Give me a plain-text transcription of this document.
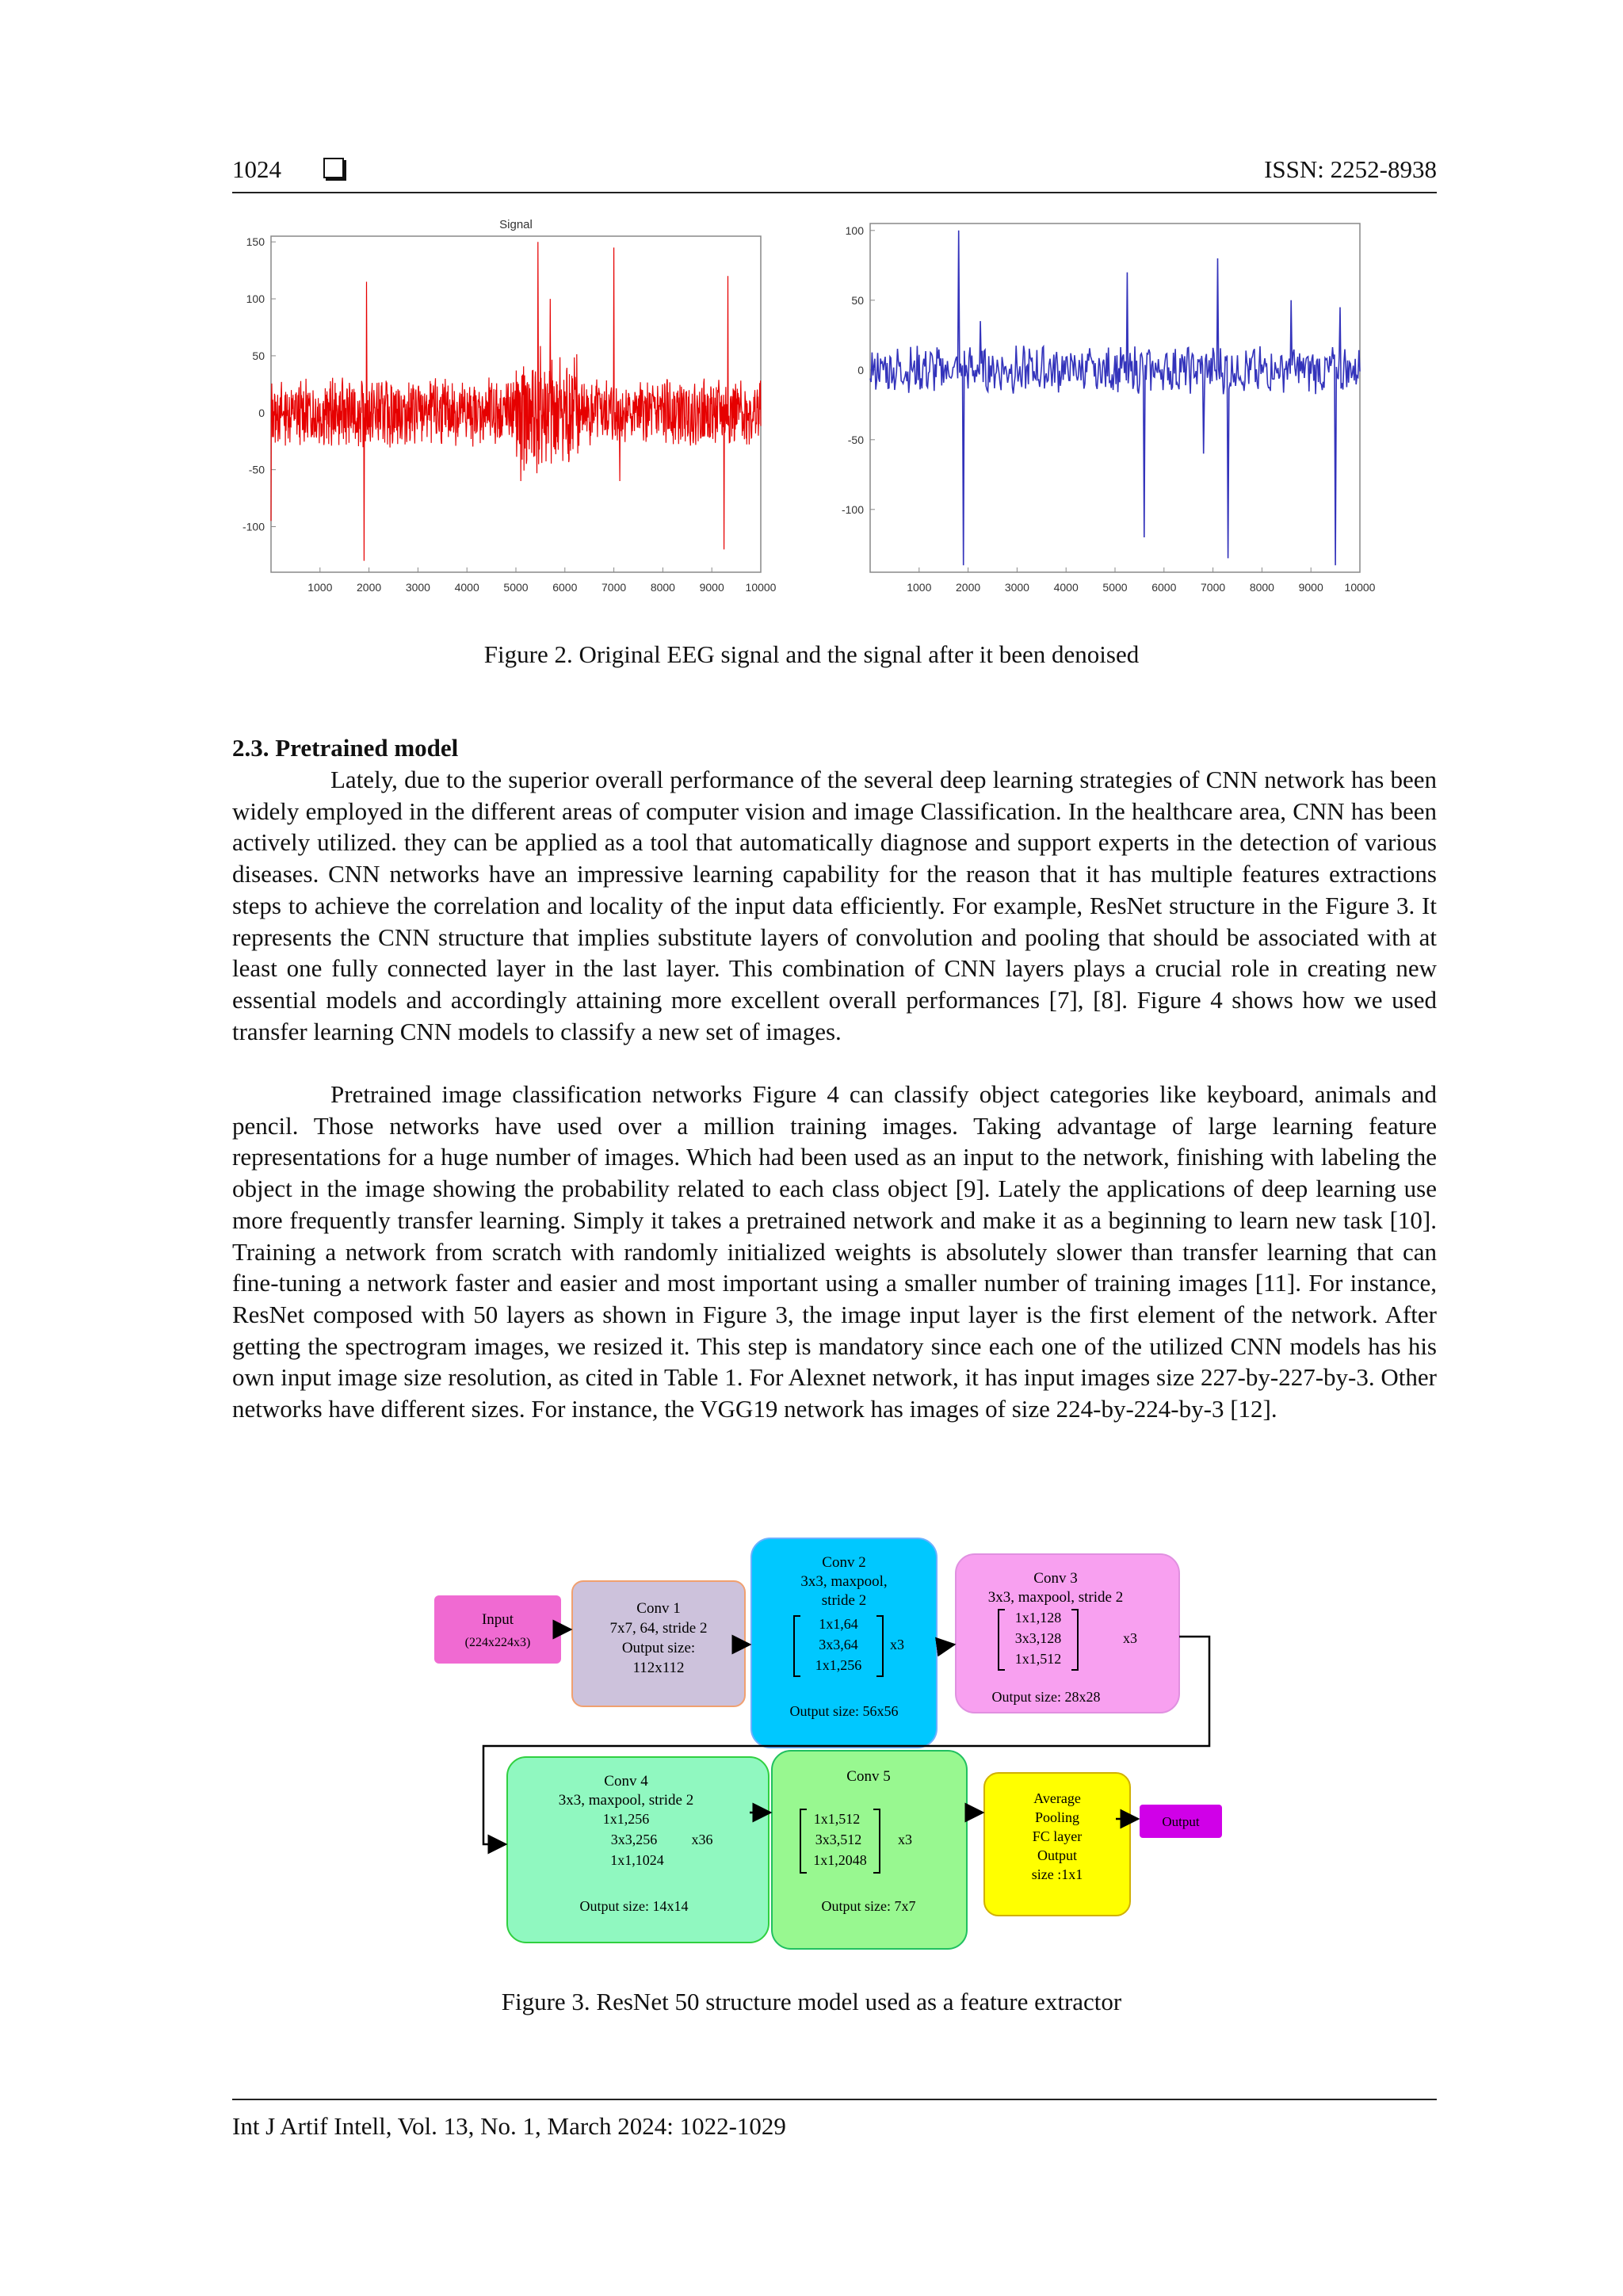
1024	ISSN: 2252-8938
Signal
1000 2000 3000 4000 5000 6000 7000 8000 9000 10000
150
100
50
0
-50
-100
1000 2000 3000 4000 5000 6000 7000 8000 9000 10000
100
50
0
-50
-100
Figure 2. Original EEG signal and the signal after it been denoised
2.3. Pretrained model

Lately, due to the superior overall performance of the several deep learning strategies of CNN network has been widely employed in the different areas of computer vision and image Classification. In the healthcare area, CNN has been actively utilized. they can be applied as a tool that automatically diagnose and support experts in the detection of various diseases. CNN networks have an impressive learning capability for the reason that it has multiple features extractions steps to achieve the correlation and locality of the input data efficiently. For example, ResNet structure in the Figure 3. It represents the CNN structure that implies substitute layers of convolution and pooling that should be associated with at least one fully connected layer in the last layer. This combination of CNN layers plays a crucial role in creating new essential models and accordingly attaining more excellent overall performances [7], [8]. Figure 4 shows how we used transfer learning CNN models to classify a new set of images.

Pretrained image classification networks Figure 4 can classify object categories like keyboard, animals and pencil. Those networks have used over a million training images. Taking advantage of large learning feature representations for a huge number of images. Which had been used as an input to the network, finishing with labeling the object in the image showing the probability related to each class object [9]. Lately the applications of deep learning use more frequently transfer learning. Simply it takes a pretrained network and make it as a beginning to learn new task [10]. Training a network from scratch with randomly initialized weights is absolutely slower than transfer learning that can fine-tuning a network faster and easier and most important using a smaller number of training images [11]. For instance, ResNet composed with 50 layers as shown in Figure 3, the image input layer is the first element of the network. After getting the spectrogram images, we resized it. This step is mandatory since each one of the utilized CNN models has his own input image size resolution, as cited in Table 1. For Alexnet network, it has input images size 227-by-227-by-3. Other networks have different sizes. For instance, the VGG19 network has images of size 224-by-224-by-3 [12].

Input
(224x224x3)
Conv 1
7x7, 64, stride 2
Output size:
112x112
Conv 2
3x3, maxpool,
stride 2
1x1,64
3x3,64
1x1,256
x3
Output size: 56x56
Conv 3
3x3, maxpool, stride 2
1x1,128
3x3,128
1x1,512
x3
Output size: 28x28
Conv 4
3x3, maxpool, stride 2
1x1,256
3x3,256 x36
1x1,1024
Output size: 14x14
Conv 5
1x1,512
3x3,512
1x1,2048
x3
Output size: 7x7
Average
Pooling
FC layer
Output
size :1x1
Output
Figure 3. ResNet 50 structure model used as a feature extractor
Int J Artif Intell, Vol. 13, No. 1, March 2024: 1022-1029
